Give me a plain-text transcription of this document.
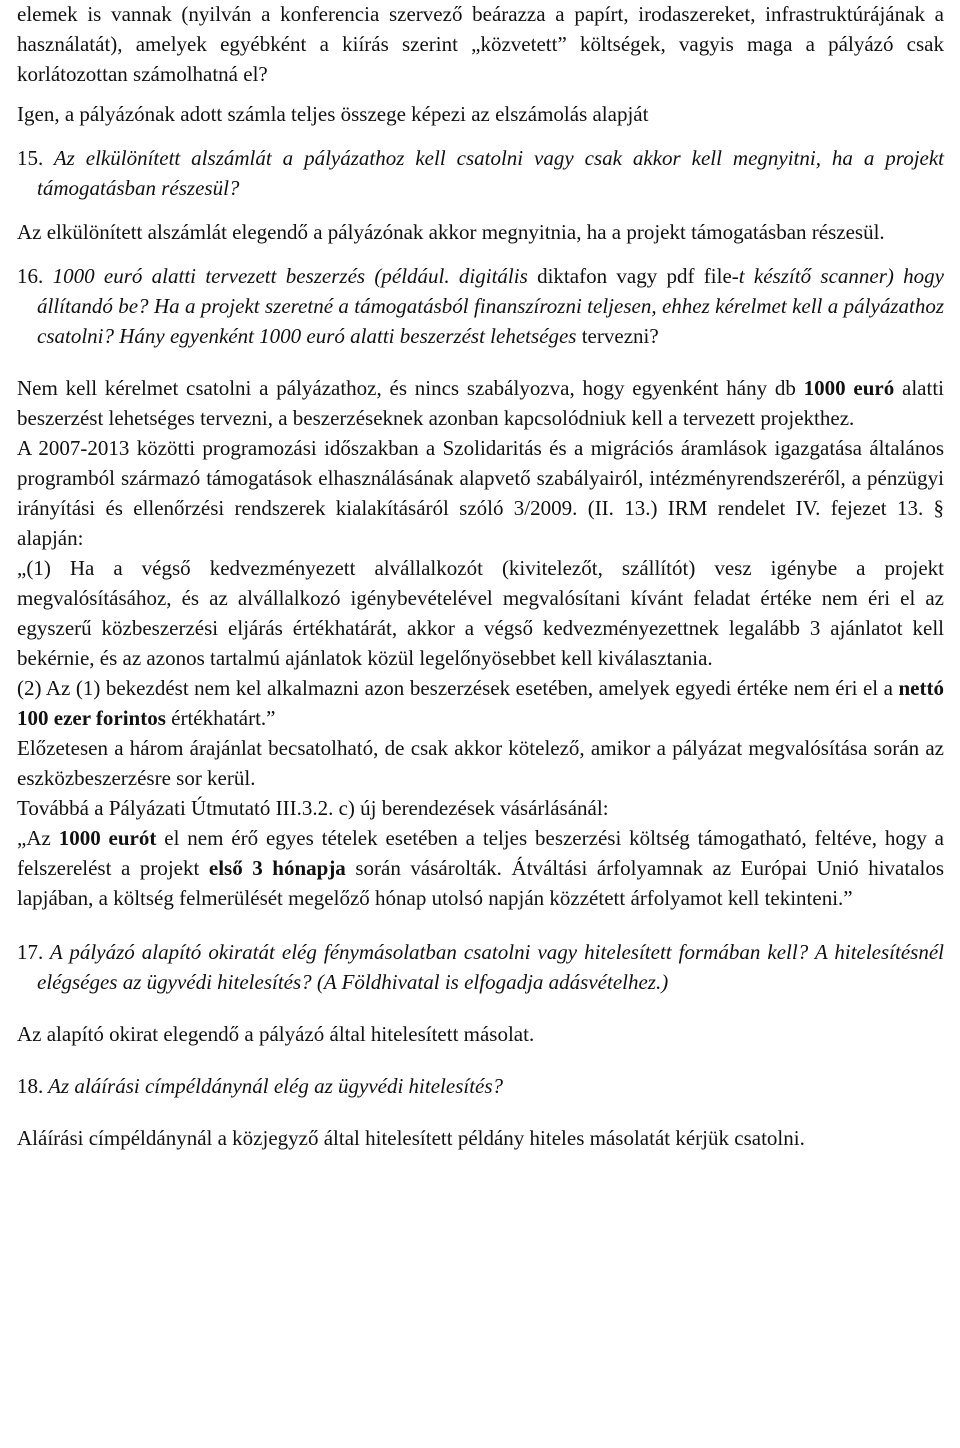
elemek is vannak (nyilván a konferencia szervező beárazza a papírt, irodaszereket, infrastruktúrájának a használatát), amelyek egyébként a kiírás szerint „közvetett” költségek, vagyis maga a pályázó csak korlátozottan számolhatná el?

Igen, a pályázónak adott számla teljes összege képezi az elszámolás alapját

15. Az elkülönített alszámlát a pályázathoz kell csatolni vagy csak akkor kell megnyitni, ha a projekt támogatásban részesül?

Az elkülönített alszámlát elegendő a pályázónak akkor megnyitnia, ha a projekt támogatásban részesül.

16. 1000 euró alatti tervezett beszerzés (például. digitális diktafon vagy pdf file-t készítő scanner) hogy állítandó be? Ha a projekt szeretné a támogatásból finanszírozni teljesen, ehhez kérelmet kell a pályázathoz csatolni? Hány egyenként 1000 euró alatti beszerzést lehetséges tervezni?

Nem kell kérelmet csatolni a pályázathoz, és nincs szabályozva, hogy egyenként hány db 1000 euró alatti beszerzést lehetséges tervezni, a beszerzéseknek azonban kapcsolódniuk kell a tervezett projekthez.

A 2007-2013 közötti programozási időszakban a Szolidaritás és a migrációs áramlások igazgatása általános programból származó támogatások elhasználásának alapvető szabályairól, intézményrendszeréről, a pénzügyi irányítási és ellenőrzési rendszerek kialakításáról szóló 3/2009. (II. 13.) IRM rendelet IV. fejezet 13. § alapján:

„(1) Ha a végső kedvezményezett alvállalkozót (kivitelezőt, szállítót) vesz igénybe a projekt megvalósításához, és az alvállalkozó igénybevételével megvalósítani kívánt feladat értéke nem éri el az egyszerű közbeszerzési eljárás értékhatárát, akkor a végső kedvezményezettnek legalább 3 ajánlatot kell bekérnie, és az azonos tartalmú ajánlatok közül legelőnyösebbet kell kiválasztania.

(2) Az (1) bekezdést nem kel alkalmazni azon beszerzések esetében, amelyek egyedi értéke nem éri el a nettó 100 ezer forintos értékhatárt.”

Előzetesen a három árajánlat becsatolható, de csak akkor kötelező, amikor a pályázat megvalósítása során az eszközbeszerzésre sor kerül.

Továbbá a Pályázati Útmutató III.3.2. c) új berendezések vásárlásánál:

„Az 1000 eurót el nem érő egyes tételek esetében a teljes beszerzési költség támogatható, feltéve, hogy a felszerelést a projekt első 3 hónapja során vásárolták. Átváltási árfolyamnak az Európai Unió hivatalos lapjában, a költség felmerülését megelőző hónap utolsó napján közzétett árfolyamot kell tekinteni.”

17. A pályázó alapító okiratát elég fénymásolatban csatolni vagy hitelesített formában kell? A hitelesítésnél elégséges az ügyvédi hitelesítés? (A Földhivatal is elfogadja adásvételhez.)

Az alapító okirat elegendő a pályázó által hitelesített másolat.

18. Az aláírási címpéldánynál elég az ügyvédi hitelesítés?

Aláírási címpéldánynál a közjegyző által hitelesített példány hiteles másolatát kérjük csatolni.
